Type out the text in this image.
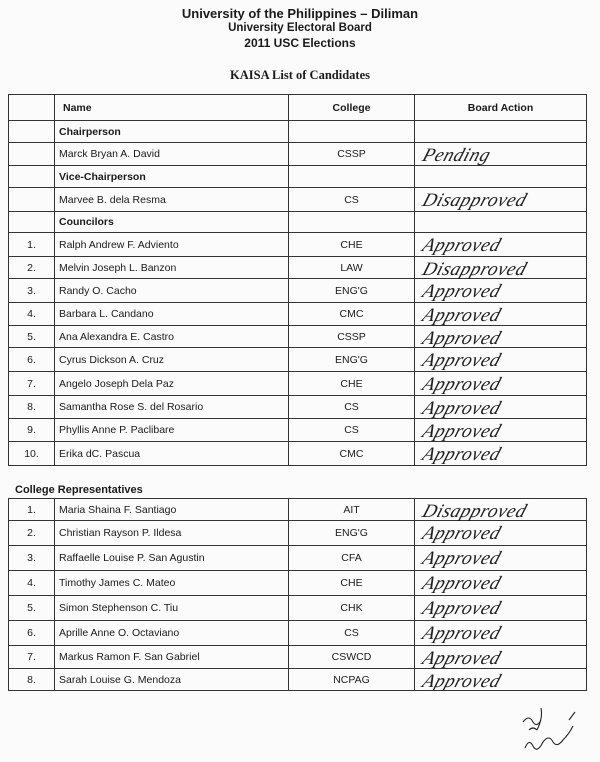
University of the Philippines – Diliman
University Electoral Board
2011 USC Elections
KAISA List of Candidates
	Name	College	Board Action
	Chairperson		
	Marck Bryan A. David	CSSP	Pending

	Vice-Chairperson		
	Marvee B. dela Resma	CS	Disapproved

	Councilors		
1.	Ralph Andrew F. Adviento	CHE	Approved

2.	Melvin Joseph L. Banzon	LAW	Disapproved

3.	Randy O. Cacho	ENG'G	Approved

4.	Barbara L. Candano	CMC	Approved

5.	Ana Alexandra E. Castro	CSSP	Approved

6.	Cyrus Dickson A. Cruz	ENG'G	Approved

7.	Angelo Joseph Dela Paz	CHE	Approved

8.	Samantha Rose S. del Rosario	CS	Approved

9.	Phyllis Anne P. Paclibare	CS	Approved

10.	Erika dC. Pascua	CMC	Approved
College Representatives
1.	Maria Shaina F. Santiago	AIT	Disapproved

2.	Christian Rayson P. Ildesa	ENG'G	Approved

3.	Raffaelle Louise P. San Agustin	CFA	Approved

4.	Timothy James C. Mateo	CHE	Approved

5.	Simon Stephenson C. Tiu	CHK	Approved

6.	Aprille Anne O. Octaviano	CS	Approved

7.	Markus Ramon F. San Gabriel	CSWCD	Approved

8.	Sarah Louise G. Mendoza	NCPAG	Approved
